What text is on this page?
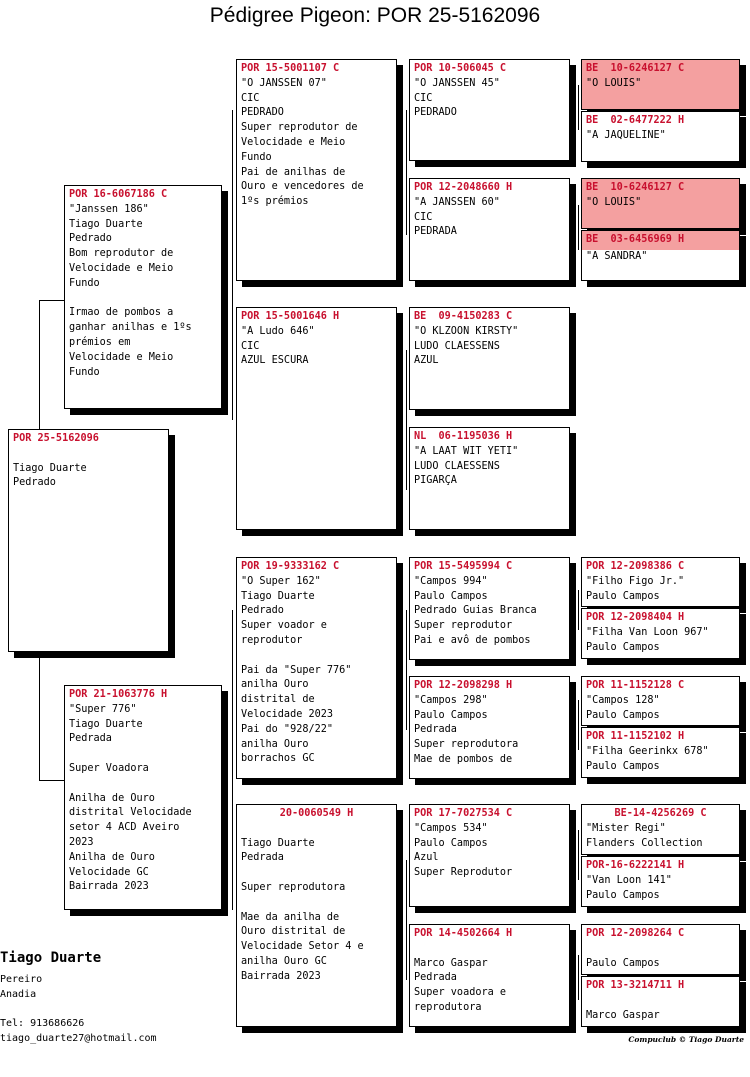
Pédigree Pigeon: POR 25-5162096
POR 25-5162096

Tiago Duarte
Pedrado
POR 16-6067186 C
"Janssen 186"
Tiago Duarte
Pedrado
Bom reprodutor de
Velocidade e Meio
Fundo

Irmao de pombos a
ganhar anilhas e 1ºs
prémios em
Velocidade e Meio
Fundo
POR 21-1063776 H
"Super 776"
Tiago Duarte
Pedrada

Super Voadora

Anilha de Ouro
distrital Velocidade
setor 4 ACD Aveiro
2023
Anilha de Ouro
Velocidade GC
Bairrada 2023
POR 15-5001107 C
"O JANSSEN 07"
CIC
PEDRADO
Super reprodutor de
Velocidade e Meio
Fundo
Pai de anilhas de
Ouro e vencedores de
1ºs prémios
POR 15-5001646 H
"A Ludo 646"
CIC
AZUL ESCURA
POR 19-9333162 C
"O Super 162"
Tiago Duarte
Pedrado
Super voador e
reprodutor

Pai da "Super 776"
anilha Ouro
distrital de
Velocidade 2023
Pai do "928/22"
anilha Ouro
borrachos GC
20-0060549 H

Tiago Duarte
Pedrada

Super reprodutora

Mae da anilha de
Ouro distrital de
Velocidade Setor 4 e
anilha Ouro GC
Bairrada 2023
POR 10-506045 C
"O JANSSEN 45"
CIC
PEDRADO
POR 12-2048660 H
"A JANSSEN 60"
CIC
PEDRADA
BE  09-4150283 C
"O KLZOON KIRSTY"
LUDO CLAESSENS
AZUL
NL  06-1195036 H
"A LAAT WIT YETI"
LUDO CLAESSENS
PIGARÇA
POR 15-5495994 C
"Campos 994"
Paulo Campos
Pedrado Guias Branca
Super reprodutor
Pai e avô de pombos
POR 12-2098298 H
"Campos 298"
Paulo Campos
Pedrada
Super reprodutora
Mae de pombos de
POR 17-7027534 C
"Campos 534"
Paulo Campos
Azul
Super Reprodutor
POR 14-4502664 H

Marco Gaspar
Pedrada
Super voadora e
reprodutora
BE  10-6246127 C
"O LOUIS"
BE  02-6477222 H
"A JAQUELINE"
BE  10-6246127 C
"O LOUIS"
BE  03-6456969 H
"A SANDRA"
POR 12-2098386 C
"Filho Figo Jr."
Paulo Campos
POR 12-2098404 H
"Filha Van Loon 967"
Paulo Campos
POR 11-1152128 C
"Campos 128"
Paulo Campos
POR 11-1152102 H
"Filha Geerinkx 678"
Paulo Campos
BE-14-4256269 C
"Mister Regi"
Flanders Collection
POR-16-6222141 H
"Van Loon 141"
Paulo Campos
POR 12-2098264 C

Paulo Campos
POR 13-3214711 H

Marco Gaspar
Tiago Duarte
Pereiro
Anadia

Tel: 913686626
tiago_duarte27@hotmail.com	Compuclub © Tiago Duarte
